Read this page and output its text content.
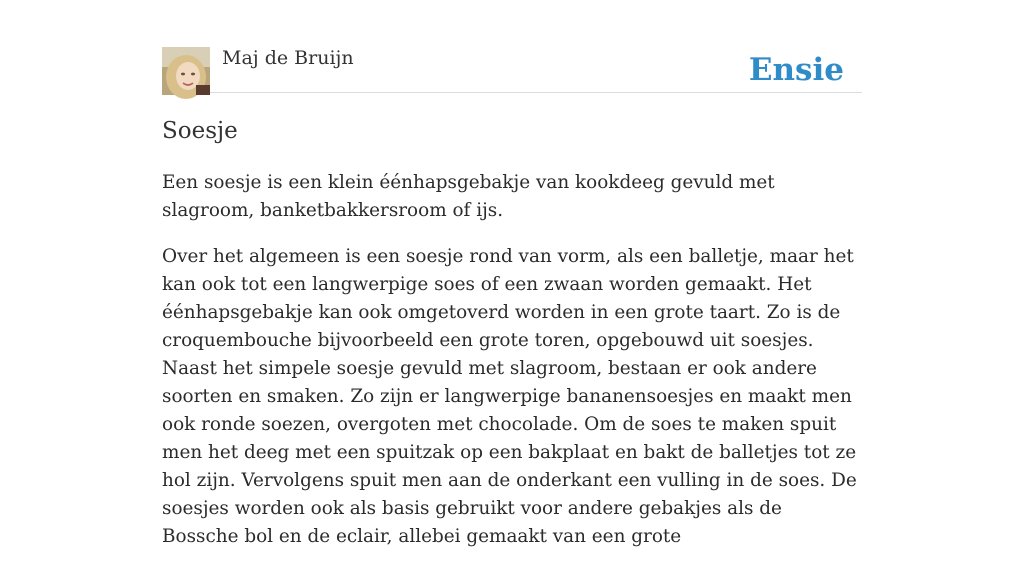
Maj de Bruijn	Ensie
Soesje

Een soesje is een klein éénhapsgebakje van kookdeeg gevuld met slagroom, banketbakkersroom of ijs.

Over het algemeen is een soesje rond van vorm, als een balletje, maar het kan ook tot een langwerpige soes of een zwaan worden gemaakt. Het éénhapsgebakje kan ook omgetoverd worden in een grote taart. Zo is de croquembouche bijvoorbeeld een grote toren, opgebouwd uit soesjes. Naast het simpele soesje gevuld met slagroom, bestaan er ook andere soorten en smaken. Zo zijn er langwerpige bananensoesjes en maakt men ook ronde soezen, overgoten met chocolade. Om de soes te maken spuit men het deeg met een spuitzak op een bakplaat en bakt de balletjes tot ze hol zijn. Vervolgens spuit men aan de onderkant een vulling in de soes. De soesjes worden ook als basis gebruikt voor andere gebakjes als de Bossche bol en de eclair, allebei gemaakt van een grote
